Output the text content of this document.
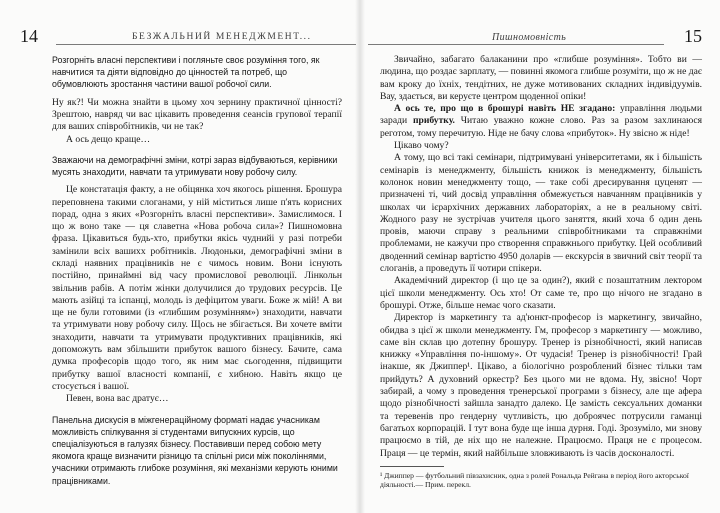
14	БЕЗЖАЛЬНИЙ МЕНЕДЖМЕНТ...

Розгорніть власні перспективи і погляньте своє розуміння того, як навчитися та діяти відповідно до цінностей та потреб, що обумовлюють зростання частини вашої робочої сили.

Ну як?! Чи можна знайти в цьому хоч зернину практичної цінності? Зрештою, навряд чи вас цікавить проведення сеансів групової терапії для ваших співробітників, чи не так?

А ось дещо краще…

Зважаючи на демографічні зміни, котрі зараз відбуваються, керівники мусять знаходити, навчати та утримувати нову робочу силу.

Це констатація факту, а не обіцянка хоч якогось рішення. Брошура переповнена такими слоганами, у ній міститься лише п'ять корисних порад, одна з яких «Розгорніть власні перспективи». Замислимося. І що ж воно таке — ця славетна «Нова робоча сила»? Пишномовна фраза. Цікавиться будь-хто, прибутки якісь чуднийі у разі потреби замінили всіх вашихх робітників. Людоньки, демографічні зміни в складі наявних працівників не є чимось новим. Вони існують постійно, принаймні від часу промислової революції. Лінкольн звільнив рабів. А потім жінки долучилися до трудових ресурсів. Це мають азійці та іспанці, молодь із дефіцитом уваги. Боже ж мій! А ви ще не були готовими (із «глибшим розумінням») знаходити, навчати та утримувати нову робочу силу. Щось не збігається. Ви хочете вміти знаходити, навчати та утримувати продуктивних працівників, які допоможуть вам збільшити прибуток вашого бізнесу. Бачите, сама думка професорів щодо того, як ним має сьогодення, підвищити прибутку вашої власності компанії, є хибною. Навіть якщо це стосується і вашої.

Певен, вона вас дратує…

Панельна дискусія в міжгенераційному форматі надає учасникам можливість спілкування зі студентами випускних курсів, що спеціалізуються в галузях бізнесу. Поставивши перед собою мету якомога краще визначити різницю та спільні риси між поколіннями, учасники отримають глибоке розуміння, які механізми керують юними працівниками.

Пишномовність	15

Звичайно, забагато балаканини про «глибше розуміння». Тобто ви — людина, що роздає зарплату, — повинні якомога глибше розуміти, що ж не дає вам кроку до їхніх, тендітних, не дуже мотивованих складних індивідуумів. Вау, здається, ви керуєте центром щоденної опіки!

А ось те, про що в брошурі навіть НЕ згадано: управління людьми заради прибутку. Читаю уважно кожне слово. Раз за разом захлинаюся реготом, тому перечитую. Ніде не бачу слова «прибуток». Ну звісно ж ніде!

Цікаво чому?

А тому, що всі такі семінари, підтримувані університетами, як і більшість семінарів із менеджменту, більшість книжок із менеджменту, більшість колонок новин менеджменту тощо, — таке собі дресирування цуценят — призначені ті, чий досвід управління обмежується навчанням працівників у школах чи ієрархічних державних лабораторіях, а не в реальному світі. Жодного разу не зустрічав учителя цього заняття, який хоча б один день провів, маючи справу з реальними співробітниками та справжніми проблемами, не кажучи про створення справжнього прибутку. Цей особливий дводенний семінар вартістю 4950 доларів — екскурсія в звичний світ теорії та слоганів, а проведуть її чотири спікери.

Академічний директор (і що це за один?), який є позаштатним лектором цієї школи менеджменту. Ось хто! От саме те, про що нічого не згадано в брошурі. Отже, більше немає чого сказати.

Директор із маркетингу та ад'юнкт-професор із маркетингу, звичайно, обидва з цієї ж школи менеджменту. Гм, професор з маркетингу — можливо, саме він склав цю дотепну брошуру. Тренер із різнобічності, який написав книжку «Управління по-іншому». От чудасія! Тренер із різнобічності! Грай інакше, як Джиппер¹. Цікаво, а біологічно розроблений бізнес тільки там прийдуть? А духовний оркестр? Без цього ми не вдома. Ну, звісно! Чорт забирай, а чому з проведення тренерської програми з бізнесу, але ще афера щодо різнобічності зайшла занадто далеко. Це замість сексуальних доманки та теревенів про гендерну чутливість, цю доброячес потрусили гаманці багатьох корпорацій. І тут вона буде ще інша дурня. Годі. Зрозуміло, ми знову працюємо в тій, де ніх що не належне. Працюємо. Праця не є процесом. Праця — це термін, який найбільше зловживають із часів досконалості.

¹ Джиппер — футбольний півзахисник, одна з ролей Рональда Рейгана в період його акторської діяльності.— Прим. перекл.
